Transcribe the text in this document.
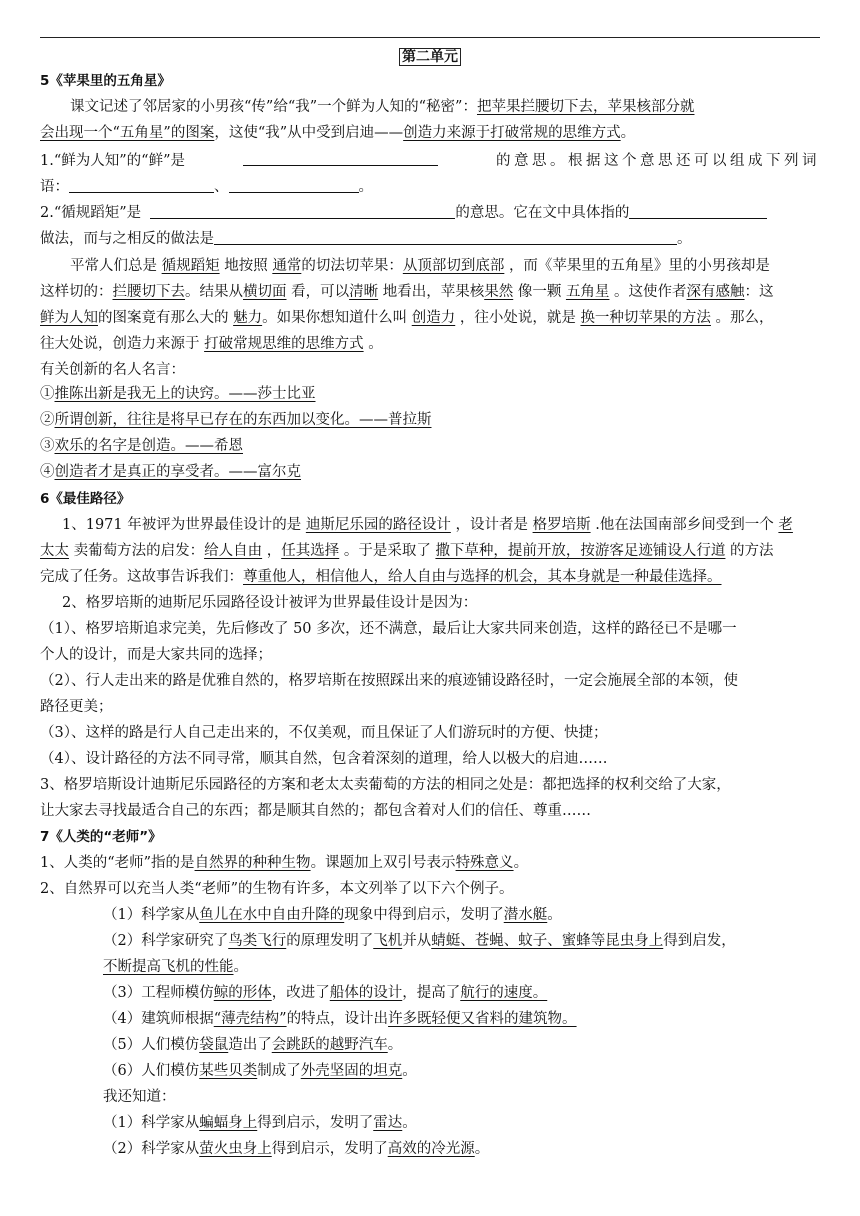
第二单元
5《苹果里的五角星》
课文记述了邻居家的小男孩“传”给“我”一个鲜为人知的“秘密”：把苹果拦腰切下去，苹果核部分就
会出现一个“五角星”的图案，这使“我”从中受到启迪——创造力来源于打破常规的思维方式。
1.“鲜为人知”的“鲜”是	的意思。根据这个意思还可以组成下列词
语：	、	。
2.“循规蹈矩”是	的意思。它在文中具体指的
做法，而与之相反的做法是	。
平常人们总是 循规蹈矩 地按照 通常的切法切苹果：从顶部切到底部 ，而《苹果里的五角星》里的小男孩却是
这样切的：拦腰切下去。结果从横切面 看，可以清晰 地看出，苹果核果然 像一颗 五角星 。这使作者深有感触：这
鲜为人知的图案竟有那么大的 魅力。如果你想知道什么叫 创造力 ，往小处说，就是 换一种切苹果的方法 。那么，
往大处说，创造力来源于 打破常规思维的思维方式 。
有关创新的名人名言：
①推陈出新是我无上的诀窍。——莎士比亚
②所谓创新，往往是将早已存在的东西加以变化。——普拉斯
③欢乐的名字是创造。——希恩
④创造者才是真正的享受者。——富尔克
6《最佳路径》
1、1971 年被评为世界最佳设计的是 迪斯尼乐园的路径设计 ，设计者是 格罗培斯 .他在法国南部乡间受到一个 老
太太 卖葡萄方法的启发：给人自由 ，任其选择 。于是采取了 撒下草种，提前开放，按游客足迹铺设人行道 的方法
完成了任务。这故事告诉我们：尊重他人，相信他人，给人自由与选择的机会，其本身就是一种最佳选择。
2、格罗培斯的迪斯尼乐园路径设计被评为世界最佳设计是因为：
（1）、格罗培斯追求完美，先后修改了 50 多次，还不满意，最后让大家共同来创造，这样的路径已不是哪一
个人的设计，而是大家共同的选择；
（2）、行人走出来的路是优雅自然的，格罗培斯在按照踩出来的痕迹铺设路径时，一定会施展全部的本领，使
路径更美；
（3）、这样的路是行人自己走出来的，不仅美观，而且保证了人们游玩时的方便、快捷；
（4）、设计路径的方法不同寻常，顺其自然，包含着深刻的道理，给人以极大的启迪……
3、格罗培斯设计迪斯尼乐园路径的方案和老太太卖葡萄的方法的相同之处是：都把选择的权利交给了大家，
让大家去寻找最适合自己的东西；都是顺其自然的；都包含着对人们的信任、尊重……
7《人类的“老师”》
1、人类的“老师”指的是自然界的种种生物。课题加上双引号表示特殊意义。
2、自然界可以充当人类“老师”的生物有许多，本文列举了以下六个例子。
（1）科学家从鱼儿在水中自由升降的现象中得到启示，发明了潜水艇。
（2）科学家研究了鸟类飞行的原理发明了飞机并从蜻蜓、苍蝇、蚊子、蜜蜂等昆虫身上得到启发，
不断提高飞机的性能。
（3）工程师模仿鲸的形体，改进了船体的设计，提高了航行的速度。
（4）建筑师根据“薄壳结构”的特点，设计出许多既轻便又省料的建筑物。
（5）人们模仿袋鼠造出了会跳跃的越野汽车。
（6）人们模仿某些贝类制成了外壳坚固的坦克。
我还知道：
（1）科学家从蝙蝠身上得到启示，发明了雷达。
（2）科学家从萤火虫身上得到启示，发明了高效的冷光源。
